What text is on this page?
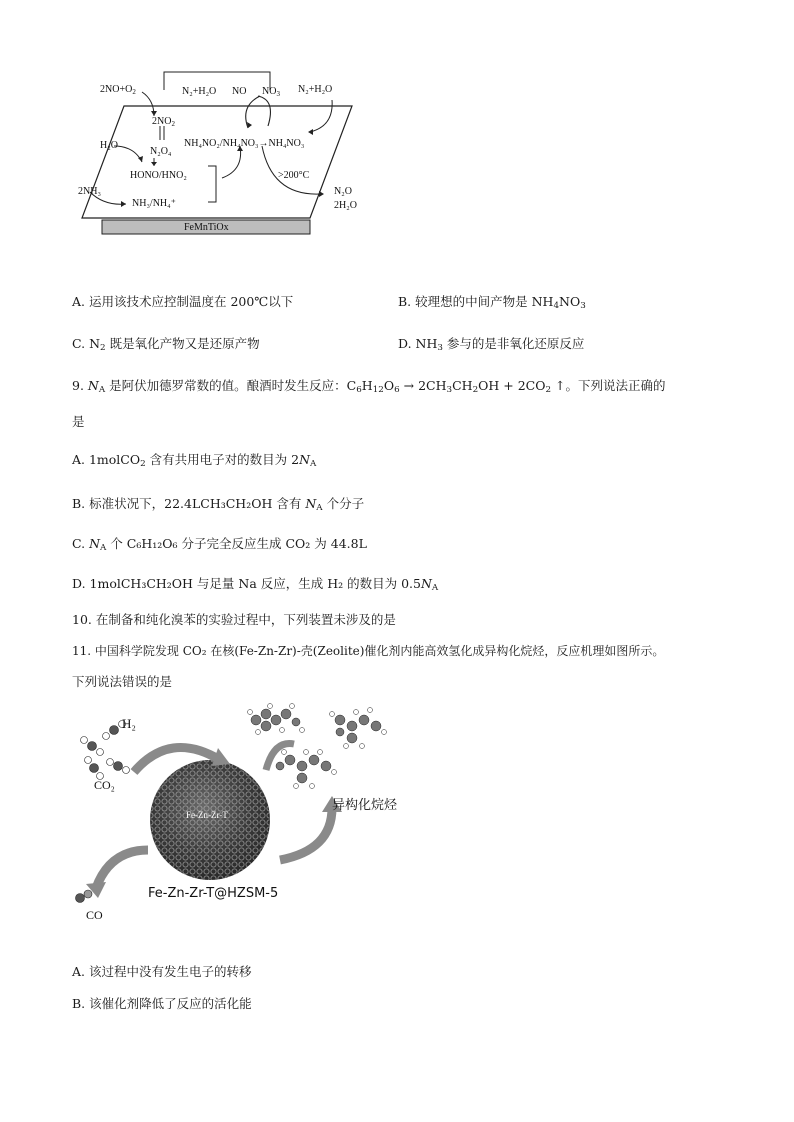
$2NO+O_2$	N₂+H₂O NO $NO_3$ N₂+H₂O
$2NO_2$
H₂O
N₂O₄
NH₄NO₂/NH₄NO₃→NH₄NO₃
HONO/HNO₂	>200°C
2NH₃
NH₃/NH₄⁺
N₂O
2H₂O
FeMnTiOx
A. 运用该技术应控制温度在 200℃以下	B. 较理想的中间产物是 $NH_4NO_3$
C. $N_2$ 既是氧化产物又是还原产物	D. $NH_3$ 参与的是非氧化还原反应
9. $N_A$ 是阿伏加德罗常数的值。酿酒时发生反应：$C_6H_{12}O_6 \to 2CH_3CH_2OH + 2CO_2$ ↑。下列说法正确的
是
A. 1molCO$_2$ 含有共用电子对的数目为 $2N_A$
B. 标准状况下，22.4LCH₃CH₂OH 含有 $N_A$ 个分子
C. $N_A$ 个 C₆H₁₂O₆ 分子完全反应生成 CO₂ 为 44.8L
D. 1molCH₃CH₂OH 与足量 Na 反应，生成 H₂ 的数目为 $0.5N_A$
10. 在制备和纯化溴苯的实验过程中，下列装置未涉及的是
11. 中国科学院发现 CO₂ 在核(Fe-Zn-Zr)-壳(Zeolite)催化剂内能高效氢化成异构化烷烃，反应机理如图所示。
下列说法错误的是
H₂
CO₂
Fe-Zn-Zr-T
异构化烷烃
Fe-Zn-Zr-T@HZSM-5
CO
A. 该过程中没有发生电子的转移
B. 该催化剂降低了反应的活化能
